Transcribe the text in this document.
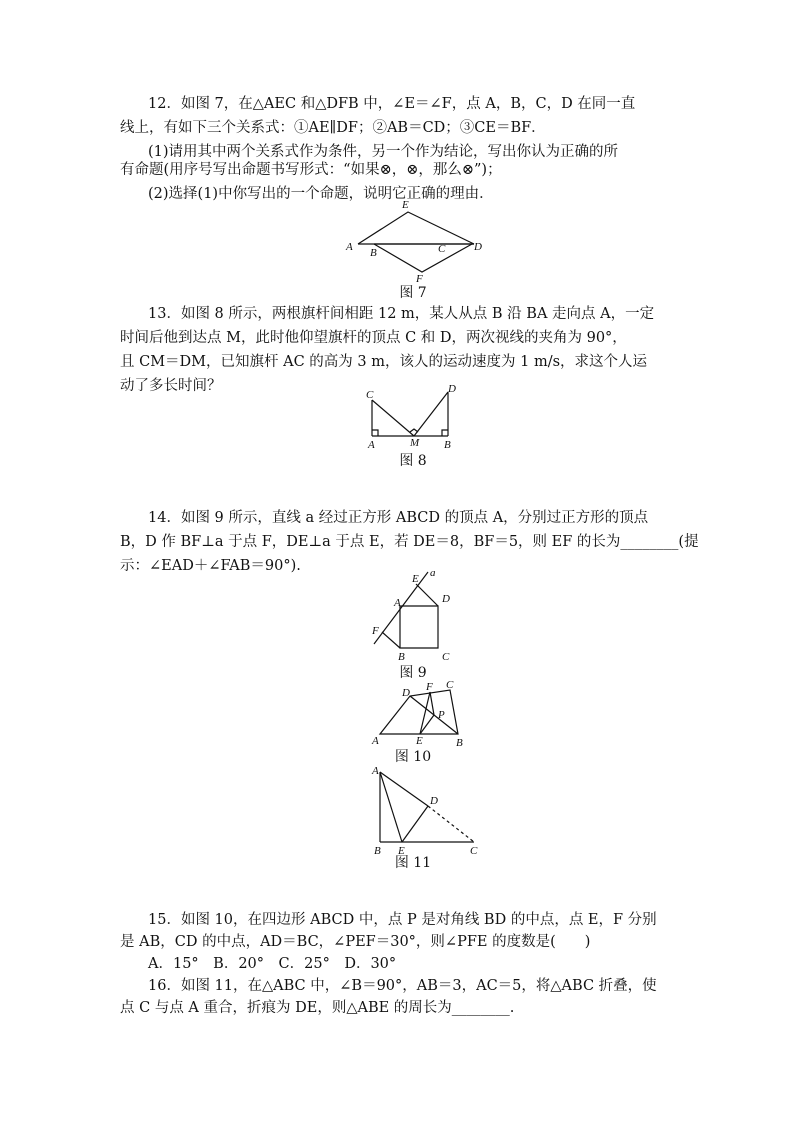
12．如图 7，在△AEC 和△DFB 中，∠E＝∠F，点 A，B，C，D 在同一直
线上，有如下三个关系式：①AE∥DF；②AB＝CD；③CE＝BF．
(1)请用其中两个关系式作为条件，另一个作为结论，写出你认为正确的所
有命题(用序号写出命题书写形式：“如果⊗，⊗，那么⊗”)；
(2)选择(1)中你写出的一个命题，说明它正确的理由．
E
A B	C	D
F
图 7
13．如图 8 所示，两根旗杆间相距 12 m，某人从点 B 沿 BA 走向点 A，一定
时间后他到达点 M，此时他仰望旗杆的顶点 C 和 D，两次视线的夹角为 90°，
且 CM＝DM，已知旗杆 AC 的高为 3 m，该人的运动速度为 1 m/s，求这个人运
动了多长时间？
C	D
A	M B
图 8
14．如图 9 所示，直线 a 经过正方形 ABCD 的顶点 A，分别过正方形的顶点
B，D 作 BF⊥a 于点 F，DE⊥a 于点 E，若 DE＝8，BF＝5，则 EF 的长为________(提
示：∠EAD＋∠FAB＝90°).
E a
A	D
F
B	C
图 9
D F C
P
A	E	B
图 10
A
D
B E	C
图 11
15．如图 10，在四边形 ABCD 中，点 P 是对角线 BD 的中点，点 E，F 分别
是 AB，CD 的中点，AD＝BC，∠PEF＝30°，则∠PFE 的度数是(　　)
A．15°　B．20°　C．25°　D．30°
16．如图 11，在△ABC 中，∠B＝90°，AB＝3，AC＝5，将△ABC 折叠，使
点 C 与点 A 重合，折痕为 DE，则△ABE 的周长为________.
